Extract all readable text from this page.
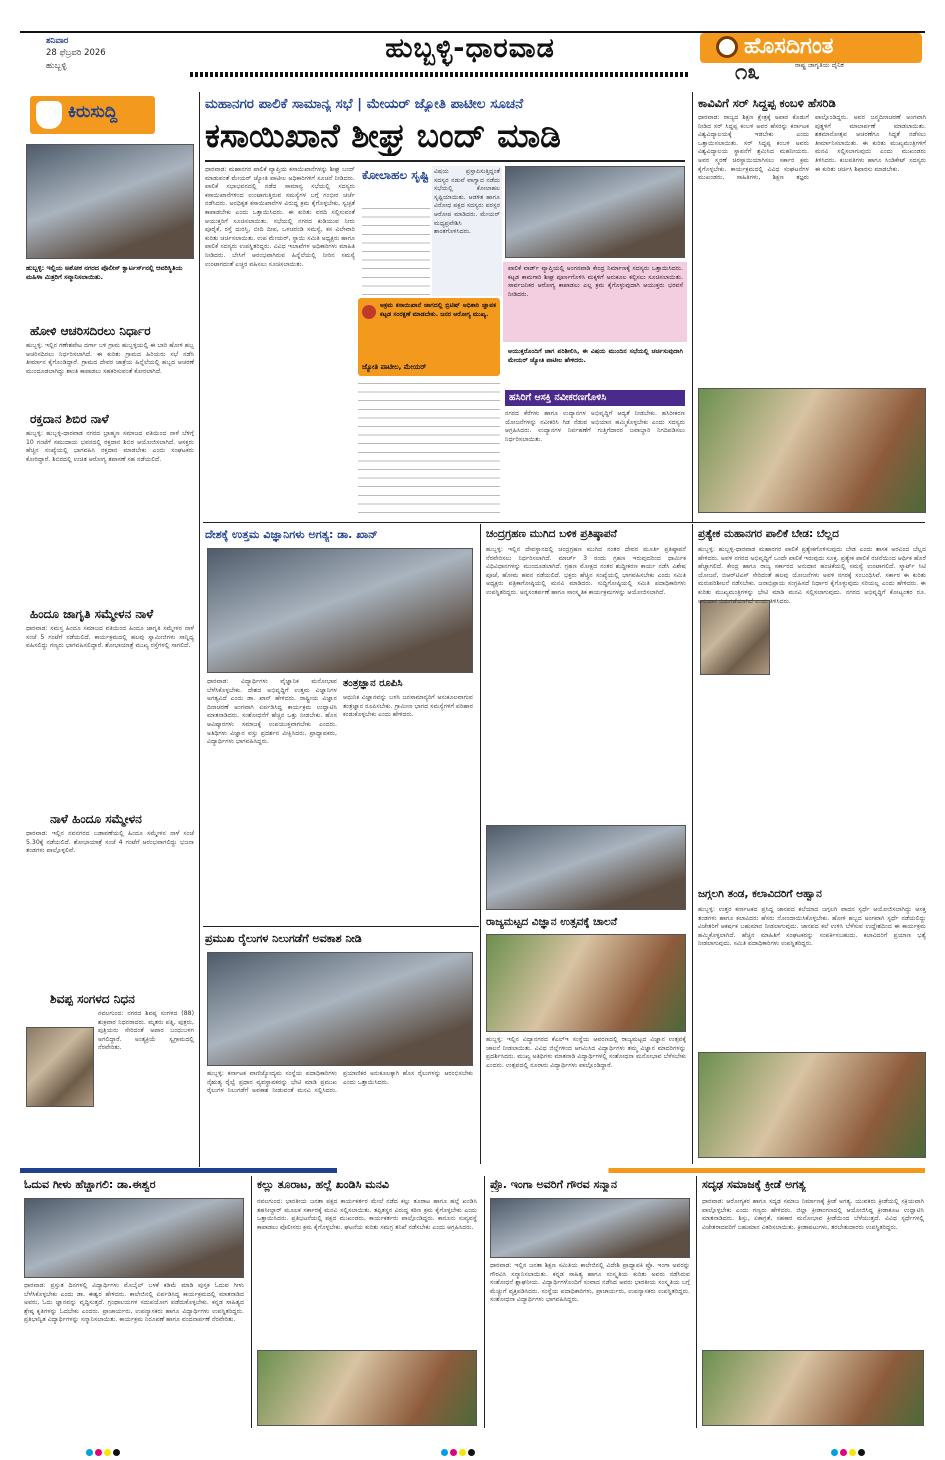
ಶನಿವಾರ
28 ಫೆಬ್ರವರಿ 2026
ಹುಬ್ಬಳ್ಳಿ
ಹುಬ್ಬಳ್ಳಿ-ಧಾರವಾಡ	ಹೊಸದಿಗಂತ
ರಾಷ್ಟ್ರ ಜಾಗೃತಿಯ ದೈನಿಕ
೧೩
ಕಿರುಸುದ್ದಿ
ಹುಬ್ಬಳ್ಳಿ: ಇಲ್ಲಿಯ ಅಶೋಕ ನಗರದ ಪೊಲೀಸ್ ಕ್ವಾರ್ಟರ್ಸ್‌ನಲ್ಲಿ ಆವರಿಸ್ಥಿತಿಯ ಮಹಿಳಾ ಮಿತ್ರರಿಗೆ ಸನ್ಮಾನಿಸಲಾಯಿತು.
ಹೋಳಿ ಆಚರಿಸದಿರಲು ನಿರ್ಧಾರ
ಹುಬ್ಬಳ್ಳಿ: ಇಲ್ಲಿನ ಗಣೇಶಪೇಟ ದರ್ಗಾ ಬಳಿ ಗ್ರಾಮ ಹುಬ್ಬಳ್ಳಿಯಲ್ಲಿ ಈ ಬಾರಿ ಹೋಳಿ ಹಬ್ಬ ಆಚರಿಸದಿರಲು ನಿರ್ಧರಿಸಲಾಗಿದೆ. ಈ ಕುರಿತು ಗ್ರಾಮದ ಹಿರಿಯರು ಸಭೆ ನಡೆಸಿ ತೀರ್ಮಾನ ಕೈಗೊಂಡಿದ್ದಾರೆ. ಗ್ರಾಮದ ದೇವರ ಜಾತ್ರೆಯ ಹಿನ್ನೆಲೆಯಲ್ಲಿ ಹಬ್ಬದ ಆಚರಣೆ ಮುಂದೂಡಲಾಗಿದ್ದು ಶಾಂತಿ ಕಾಪಾಡಲು ಸಹಕರಿಸುವಂತೆ ಕೋರಲಾಗಿದೆ.
ರಕ್ತದಾನ ಶಿಬಿರ ನಾಳೆ
ಹುಬ್ಬಳ್ಳಿ: ಹುಬ್ಬಳ್ಳಿ-ಧಾರವಾಡ ನಗರದ ಬ್ರಾಹ್ಮಣ ಸಮಾಜದ ವತಿಯಿಂದ ನಾಳೆ ಬೆಳಿಗ್ಗೆ 10 ಗಂಟೆಗೆ ಸಮುದಾಯ ಭವನದಲ್ಲಿ ರಕ್ತದಾನ ಶಿಬಿರ ಆಯೋಜಿಸಲಾಗಿದೆ. ಆಸಕ್ತರು ಹೆಚ್ಚಿನ ಸಂಖ್ಯೆಯಲ್ಲಿ ಭಾಗವಹಿಸಿ ರಕ್ತದಾನ ಮಾಡಬೇಕು ಎಂದು ಸಂಘಟಕರು ಕೋರಿದ್ದಾರೆ. ಶಿಬಿರದಲ್ಲಿ ಉಚಿತ ಆರೋಗ್ಯ ತಪಾಸಣೆ ಸಹ ನಡೆಯಲಿದೆ.
ಹಿಂದೂ ಜಾಗೃತಿ ಸಮ್ಮೇಳನ ನಾಳೆ
ಧಾರವಾಡ: ಸಮಸ್ತ ಹಿಂದೂ ಸಮಾಜದ ವತಿಯಿಂದ ಹಿಂದೂ ಜಾಗೃತಿ ಸಮ್ಮೇಳನ ನಾಳೆ ಸಂಜೆ 5 ಗಂಟೆಗೆ ನಡೆಯಲಿದೆ. ಕಾರ್ಯಕ್ರಮದಲ್ಲಿ ಹಲವು ಸ್ವಾಮೀಜಿಗಳು ಸಾನ್ನಿಧ್ಯ ವಹಿಸಲಿದ್ದು ಗಣ್ಯರು ಭಾಗವಹಿಸಲಿದ್ದಾರೆ. ಶೋಭಾಯಾತ್ರೆ ಮುಖ್ಯ ರಸ್ತೆಗಳಲ್ಲಿ ಸಾಗಲಿದೆ.
ನಾಳೆ ಹಿಂದೂ ಸಮ್ಮೇಳನ
ಧಾರವಾಡ: ಇಲ್ಲಿನ ನವನಗರದ ಬಡಾವಣೆಯಲ್ಲಿ ಹಿಂದೂ ಸಮ್ಮೇಳನ ನಾಳೆ ಸಂಜೆ 5.30ಕ್ಕೆ ನಡೆಯಲಿದೆ. ಶೋಭಾಯಾತ್ರೆ ಸಂಜೆ 4 ಗಂಟೆಗೆ ಆರಂಭವಾಗಲಿದ್ದು ಭಜನಾ ತಂಡಗಳು ಪಾಲ್ಗೊಳ್ಳಲಿವೆ.
ಶಿವಪ್ಪ ಸಂಗಳದ ನಿಧನ
ನವಲಗುಂದ: ನಗರದ ಶಿವಪ್ಪ ಸಂಗಳದ (88) ಶುಕ್ರವಾರ ನಿಧನರಾದರು. ಮೃತರು ಪತ್ನಿ, ಪುತ್ರರು, ಪುತ್ರಿಯರು ಸೇರಿದಂತೆ ಅಪಾರ ಬಂಧುಬಳಗ ಅಗಲಿದ್ದಾರೆ. ಅಂತ್ಯಕ್ರಿಯೆ ಸ್ವಗ್ರಾಮದಲ್ಲಿ ನೆರವೇರಿತು.
ಮಹಾನಗರ ಪಾಲಿಕೆ ಸಾಮಾನ್ಯ ಸಭೆ | ಮೇಯರ್ ಜ್ಯೋತಿ ಪಾಟೀಲ ಸೂಚನೆ
ಕಸಾಯಿಖಾನೆ ಶೀಘ್ರ ಬಂದ್ ಮಾಡಿ
ಧಾರವಾಡ: ಮಹಾನಗರ ಪಾಲಿಕೆ ವ್ಯಾಪ್ತಿಯ ಕಸಾಯಿಖಾನೆಗಳನ್ನು ಶೀಘ್ರ ಬಂದ್ ಮಾಡುವಂತೆ ಮೇಯರ್ ಜ್ಯೋತಿ ಪಾಟೀಲ ಅಧಿಕಾರಿಗಳಿಗೆ ಸೂಚನೆ ನೀಡಿದರು. ಪಾಲಿಕೆ ಸಭಾಭವನದಲ್ಲಿ ನಡೆದ ಸಾಮಾನ್ಯ ಸಭೆಯಲ್ಲಿ ಸದಸ್ಯರು ಕಸಾಯಿಖಾನೆಗಳಿಂದ ಉಂಟಾಗುತ್ತಿರುವ ಸಮಸ್ಯೆಗಳ ಬಗ್ಗೆ ಗಂಭೀರ ಚರ್ಚೆ ನಡೆಸಿದರು. ಅನಧಿಕೃತ ಕಸಾಯಿಖಾನೆಗಳ ವಿರುದ್ಧ ಕ್ರಮ ಕೈಗೊಳ್ಳಬೇಕು, ಸ್ವಚ್ಛತೆ ಕಾಪಾಡಬೇಕು ಎಂದು ಒತ್ತಾಯಿಸಿದರು. ಈ ಕುರಿತು ವರದಿ ಸಲ್ಲಿಸುವಂತೆ ಆಯುಕ್ತರಿಗೆ ಸೂಚಿಸಲಾಯಿತು. ಸಭೆಯಲ್ಲಿ ನಗರದ ಕುಡಿಯುವ ನೀರು ಪೂರೈಕೆ, ರಸ್ತೆ ದುರಸ್ತಿ, ಬೀದಿ ದೀಪ, ಒಳಚರಂಡಿ ಸಮಸ್ಯೆ, ಕಸ ವಿಲೇವಾರಿ ಕುರಿತು ಚರ್ಚಿಸಲಾಯಿತು. ಉಪ ಮೇಯರ್, ಸ್ಥಾಯಿ ಸಮಿತಿ ಅಧ್ಯಕ್ಷರು ಹಾಗೂ ಪಾಲಿಕೆ ಸದಸ್ಯರು ಉಪಸ್ಥಿತರಿದ್ದರು. ವಿವಿಧ ಇಲಾಖೆಗಳ ಅಧಿಕಾರಿಗಳು ಮಾಹಿತಿ ನೀಡಿದರು. ಬೇಸಿಗೆ ಆರಂಭವಾಗಿರುವ ಹಿನ್ನೆಲೆಯಲ್ಲಿ ನೀರಿನ ಸಮಸ್ಯೆ ಉಂಟಾಗದಂತೆ ಎಚ್ಚರ ವಹಿಸಲು ಸೂಚಿಸಲಾಯಿತು.
ಕೋಲಾಹಲ ಸೃಷ್ಟಿ ವಿಷಯ ಪ್ರಸ್ತಾಪಿಸುತ್ತಿದ್ದಂತೆ ಸದಸ್ಯರ ನಡುವೆ ವಾಗ್ವಾದ ನಡೆದು ಸಭೆಯಲ್ಲಿ ಕೋಲಾಹಲ ಸೃಷ್ಟಿಯಾಯಿತು. ಆಡಳಿತ ಹಾಗೂ ವಿರೋಧ ಪಕ್ಷದ ಸದಸ್ಯರು ಪರಸ್ಪರ ಆರೋಪ ಮಾಡಿದರು. ಮೇಯರ್ ಮಧ್ಯಪ್ರವೇಶಿಸಿ ಶಾಂತಗೊಳಿಸಿದರು.
ಅಕ್ರಮ ಕಸಾಯಿಖಾನೆ ಜಾಗದಲ್ಲಿ ಬ್ರಿಟಿಷ್ ಅಧಿಕಾರಿ ಜ್ಞಾಪಕ ಕಟ್ಟಡ ಸಂರಕ್ಷಣೆ ಮಾಡಬೇಕು. ಜನರ ಆರೋಗ್ಯ ಮುಖ್ಯ.
ಜ್ಯೋತಿ ಪಾಟೀಲ, ಮೇಯರ್
ಪಾಲಿಕೆ ವಾರ್ಡ್ ವ್ಯಾಪ್ತಿಯಲ್ಲಿ ಅಂಗನವಾಡಿ ಕೇಂದ್ರ ನಿರ್ಮಾಣಕ್ಕೆ ಸದಸ್ಯರು ಒತ್ತಾಯಿಸಿದರು. ಕಟ್ಟಡ ಕಾಮಗಾರಿ ಶೀಘ್ರ ಪೂರ್ಣಗೊಳಿಸಿ ಮಕ್ಕಳಿಗೆ ಅನುಕೂಲ ಕಲ್ಪಿಸಲು ಸೂಚಿಸಲಾಯಿತು. ಸಾರ್ವಜನಿಕರ ಆರೋಗ್ಯ ಕಾಪಾಡಲು ಎಲ್ಲ ಕ್ರಮ ಕೈಗೊಳ್ಳುವುದಾಗಿ ಆಯುಕ್ತರು ಭರವಸೆ ನೀಡಿದರು.
ಆಯುಕ್ತರೊಂದಿಗೆ ಜಾಗ ಪರಿಶೀಲಿಸಿ, ಈ ವಿಷಯ ಮುಂದಿನ ಸಭೆಯಲ್ಲಿ ಚರ್ಚಿಸುವುದಾಗಿ ಮೇಯರ್ ಜ್ಯೋತಿ ಪಾಟೀಲ ಹೇಳಿದರು.
ಹಸಿರಿಗೆ ಆಸಕ್ತಿ ನವೀಕರಣಗೊಳಿಸಿ
ನಗರದ ಕೆರೆಗಳು ಹಾಗೂ ಉದ್ಯಾನಗಳ ಅಭಿವೃದ್ಧಿಗೆ ಆದ್ಯತೆ ನೀಡಬೇಕು. ಹಸಿರೀಕರಣ ಯೋಜನೆಗಳನ್ನು ನವೀಕರಿಸಿ ಗಿಡ ನೆಡುವ ಅಭಿಯಾನ ಹಮ್ಮಿಕೊಳ್ಳಬೇಕು ಎಂದು ಸದಸ್ಯರು ಆಗ್ರಹಿಸಿದರು. ಉದ್ಯಾನಗಳ ನಿರ್ವಹಣೆಗೆ ಗುತ್ತಿಗೆದಾರರ ಜವಾಬ್ದಾರಿ ನಿಗದಿಪಡಿಸಲು ನಿರ್ಧರಿಸಲಾಯಿತು.
ಕಾವಿವಿಗೆ ಸರ್ ಸಿದ್ದಪ್ಪ ಕಂಬಳಿ ಹೆಸರಿಡಿ
ಧಾರವಾಡ: ರಾಜ್ಯದ ಶಿಕ್ಷಣ ಕ್ಷೇತ್ರಕ್ಕೆ ಅಪಾರ ಕೊಡುಗೆ ನೀಡಿದ ಸರ್ ಸಿದ್ದಪ್ಪ ಕಂಬಳಿ ಅವರ ಹೆಸರನ್ನು ಕರ್ನಾಟಕ ವಿಶ್ವವಿದ್ಯಾಲಯಕ್ಕೆ ಇಡಬೇಕು ಎಂದು ಒತ್ತಾಯಿಸಲಾಯಿತು. ಸರ್ ಸಿದ್ದಪ್ಪ ಕಂಬಳಿ ಅವರು ವಿಶ್ವವಿದ್ಯಾಲಯ ಸ್ಥಾಪನೆಗೆ ಶ್ರಮಿಸಿದ ಮಹನೀಯರು. ಅವರ ಸ್ಮರಣೆ ಚಿರಸ್ಥಾಯಿಯಾಗಿಸಲು ಸರ್ಕಾರ ಕ್ರಮ ಕೈಗೊಳ್ಳಬೇಕು. ಕಾರ್ಯಕ್ರಮದಲ್ಲಿ ವಿವಿಧ ಸಂಘಟನೆಗಳ ಮುಖಂಡರು, ಸಾಹಿತಿಗಳು, ಶಿಕ್ಷಣ ತಜ್ಞರು ಪಾಲ್ಗೊಂಡಿದ್ದರು. ಅವರ ಜನ್ಮದಿನಾಚರಣೆ ಅಂಗವಾಗಿ ಪುತ್ಥಳಿಗೆ ಮಾಲಾರ್ಪಣೆ ಮಾಡಲಾಯಿತು. ಶತಮಾನೋತ್ಸವ ಆಚರಣೆಗೂ ಸಿದ್ಧತೆ ನಡೆಸಲು ತೀರ್ಮಾನಿಸಲಾಯಿತು. ಈ ಕುರಿತು ಮುಖ್ಯಮಂತ್ರಿಗಳಿಗೆ ಮನವಿ ಸಲ್ಲಿಸಲಾಗುವುದು ಎಂದು ಮುಖಂಡರು ತಿಳಿಸಿದರು. ಕುಲಪತಿಗಳು ಹಾಗೂ ಸಿಂಡಿಕೇಟ್ ಸದಸ್ಯರು ಈ ಕುರಿತು ಚರ್ಚಿಸಿ ಶಿಫಾರಸು ಮಾಡಬೇಕು.
ದೇಶಕ್ಕೆ ಉತ್ತಮ ವಿಜ್ಞಾನಿಗಳು ಅಗತ್ಯ: ಡಾ. ಖಾನ್
ಧಾರವಾಡ: ವಿದ್ಯಾರ್ಥಿಗಳು ವೈಜ್ಞಾನಿಕ ಮನೋಭಾವ ಬೆಳೆಸಿಕೊಳ್ಳಬೇಕು. ದೇಶದ ಅಭಿವೃದ್ಧಿಗೆ ಉತ್ತಮ ವಿಜ್ಞಾನಿಗಳ ಅಗತ್ಯವಿದೆ ಎಂದು ಡಾ. ಖಾನ್ ಹೇಳಿದರು. ರಾಷ್ಟ್ರೀಯ ವಿಜ್ಞಾನ ದಿನಾಚರಣೆ ಅಂಗವಾಗಿ ಏರ್ಪಡಿಸಿದ್ದ ಕಾರ್ಯಕ್ರಮ ಉದ್ಘಾಟಿಸಿ ಮಾತನಾಡಿದರು. ಸಂಶೋಧನೆಗೆ ಹೆಚ್ಚಿನ ಒತ್ತು ನೀಡಬೇಕು. ಹೊಸ ಆವಿಷ್ಕಾರಗಳು ಸಮಾಜಕ್ಕೆ ಉಪಯುಕ್ತವಾಗಬೇಕು ಎಂದರು. ಅತಿಥಿಗಳು ವಿಜ್ಞಾನ ವಸ್ತು ಪ್ರದರ್ಶನ ವೀಕ್ಷಿಸಿದರು. ಪ್ರಾಧ್ಯಾಪಕರು, ವಿದ್ಯಾರ್ಥಿಗಳು ಭಾಗವಹಿಸಿದ್ದರು.
ತಂತ್ರಜ್ಞಾನ ರೂಪಿಸಿ
ಆಧುನಿಕ ವಿಜ್ಞಾನವನ್ನು ಬಳಸಿ ಜನಸಾಮಾನ್ಯರಿಗೆ ಅನುಕೂಲವಾಗುವ ತಂತ್ರಜ್ಞಾನ ರೂಪಿಸಬೇಕು. ಗ್ರಾಮೀಣ ಭಾಗದ ಸಮಸ್ಯೆಗಳಿಗೆ ಪರಿಹಾರ ಕಂಡುಕೊಳ್ಳಬೇಕು ಎಂದು ಹೇಳಿದರು.
ಚಂದ್ರಗ್ರಹಣ ಮುಗಿದ ಬಳಿಕ ಪ್ರತಿಷ್ಠಾಪನೆ
ಹುಬ್ಬಳ್ಳಿ: ಇಲ್ಲಿನ ದೇವಸ್ಥಾನದಲ್ಲಿ ಚಂದ್ರಗ್ರಹಣ ಮುಗಿದ ನಂತರ ದೇವರ ಮೂರ್ತಿ ಪ್ರತಿಷ್ಠಾಪನೆ ನೆರವೇರಿಸಲು ನಿರ್ಧರಿಸಲಾಗಿದೆ. ಮಾರ್ಚ್ 3 ರಂದು ಗ್ರಹಣ ಇರುವುದರಿಂದ ಧಾರ್ಮಿಕ ವಿಧಿವಿಧಾನಗಳನ್ನು ಮುಂದೂಡಲಾಗಿದೆ. ಗ್ರಹಣ ಮೋಕ್ಷದ ನಂತರ ಶುದ್ಧೀಕರಣ ಕಾರ್ಯ ನಡೆಸಿ ವಿಶೇಷ ಪೂಜೆ, ಹೋಮ ಹವನ ನಡೆಯಲಿದೆ. ಭಕ್ತರು ಹೆಚ್ಚಿನ ಸಂಖ್ಯೆಯಲ್ಲಿ ಭಾಗವಹಿಸಬೇಕು ಎಂದು ಸಮಿತಿ ಅಧ್ಯಕ್ಷರು ಪತ್ರಿಕಾಗೋಷ್ಠಿಯಲ್ಲಿ ಮನವಿ ಮಾಡಿದರು. ಸುದ್ದಿಗೋಷ್ಠಿಯಲ್ಲಿ ಸಮಿತಿ ಪದಾಧಿಕಾರಿಗಳು ಉಪಸ್ಥಿತರಿದ್ದರು. ಅನ್ನಸಂತರ್ಪಣೆ ಹಾಗೂ ಸಾಂಸ್ಕೃತಿಕ ಕಾರ್ಯಕ್ರಮಗಳನ್ನು ಆಯೋಜಿಸಲಾಗಿದೆ.
ರಾಜ್ಯಮಟ್ಟದ ವಿಜ್ಞಾನ ಉತ್ಸವಕ್ಕೆ ಚಾಲನೆ
ಹುಬ್ಬಳ್ಳಿ: ಇಲ್ಲಿನ ವಿದ್ಯಾನಗರದ ಕೆಎಲ್‌ಇ ಸಂಸ್ಥೆಯ ಆವರಣದಲ್ಲಿ ರಾಜ್ಯಮಟ್ಟದ ವಿಜ್ಞಾನ ಉತ್ಸವಕ್ಕೆ ಚಾಲನೆ ನೀಡಲಾಯಿತು. ವಿವಿಧ ಜಿಲ್ಲೆಗಳಿಂದ ಆಗಮಿಸಿದ ವಿದ್ಯಾರ್ಥಿಗಳು ತಮ್ಮ ವಿಜ್ಞಾನ ಮಾದರಿಗಳನ್ನು ಪ್ರದರ್ಶಿಸಿದರು. ಮುಖ್ಯ ಅತಿಥಿಗಳು ಮಾತನಾಡಿ ವಿದ್ಯಾರ್ಥಿಗಳಲ್ಲಿ ಸಂಶೋಧನಾ ಮನೋಭಾವ ಬೆಳೆಸಬೇಕು ಎಂದರು. ಉತ್ಸವದಲ್ಲಿ ನೂರಾರು ವಿದ್ಯಾರ್ಥಿಗಳು ಪಾಲ್ಗೊಂಡಿದ್ದಾರೆ.
ಪ್ರತ್ಯೇಕ ಮಹಾನಗರ ಪಾಲಿಕೆ ಬೇಡ: ಬೆಲ್ಲದ
ಹುಬ್ಬಳ್ಳಿ: ಹುಬ್ಬಳ್ಳಿ-ಧಾರವಾಡ ಮಹಾನಗರ ಪಾಲಿಕೆ ಪ್ರತ್ಯೇಕಗೊಳಿಸುವುದು ಬೇಡ ಎಂದು ಶಾಸಕ ಅರವಿಂದ ಬೆಲ್ಲದ ಹೇಳಿದರು. ಅವಳಿ ನಗರದ ಅಭಿವೃದ್ಧಿಗೆ ಒಂದೇ ಪಾಲಿಕೆ ಇರುವುದು ಸೂಕ್ತ. ಪ್ರತ್ಯೇಕ ಪಾಲಿಕೆ ರಚನೆಯಿಂದ ಆರ್ಥಿಕ ಹೊರೆ ಹೆಚ್ಚಾಗಲಿದೆ. ಕೇಂದ್ರ ಹಾಗೂ ರಾಜ್ಯ ಸರ್ಕಾರದ ಅನುದಾನ ಹಂಚಿಕೆಯಲ್ಲಿ ಸಮಸ್ಯೆ ಉಂಟಾಗಲಿದೆ. ಸ್ಮಾರ್ಟ್ ಸಿಟಿ ಯೋಜನೆ, ಬಿಆರ್‌ಟಿಎಸ್ ಸೇರಿದಂತೆ ಹಲವು ಯೋಜನೆಗಳು ಅವಳಿ ನಗರಕ್ಕೆ ಸಂಬಂಧಿಸಿವೆ. ಸರ್ಕಾರ ಈ ಕುರಿತು ಮರುಪರಿಶೀಲನೆ ನಡೆಸಬೇಕು. ಜನಾಭಿಪ್ರಾಯ ಸಂಗ್ರಹಿಸದೆ ನಿರ್ಧಾರ ಕೈಗೊಳ್ಳುವುದು ಸರಿಯಲ್ಲ ಎಂದು ಹೇಳಿದರು. ಈ ಕುರಿತು ಮುಖ್ಯಮಂತ್ರಿಗಳನ್ನು ಭೇಟಿ ಮಾಡಿ ಮನವಿ ಸಲ್ಲಿಸಲಾಗುವುದು. ನಗರದ ಅಭಿವೃದ್ಧಿಗೆ ಕೋಟ್ಯಂತರ ರೂ. ಅನುದಾನ ಬಿಡುಗಡೆಯಾಗಿದೆ ಎಂದು ತಿಳಿಸಿದರು.
ಜಗ್ಗಲಗಿ ತಂಡ, ಕಲಾವಿದರಿಗೆ ಆಹ್ವಾನ
ಹುಬ್ಬಳ್ಳಿ: ಉತ್ತರ ಕರ್ನಾಟಕದ ಪ್ರಸಿದ್ಧ ಜಾನಪದ ಕಲೆಯಾದ ಜಗ್ಗಲಗಿ ವಾದನ ಸ್ಪರ್ಧೆ ಆಯೋಜಿಸಲಾಗಿದ್ದು ಆಸಕ್ತ ತಂಡಗಳು ಹಾಗೂ ಕಲಾವಿದರು ಹೆಸರು ನೋಂದಾಯಿಸಿಕೊಳ್ಳಬೇಕು. ಹೋಳಿ ಹಬ್ಬದ ಅಂಗವಾಗಿ ಸ್ಪರ್ಧೆ ನಡೆಯಲಿದ್ದು ವಿಜೇತರಿಗೆ ಆಕರ್ಷಕ ಬಹುಮಾನ ನೀಡಲಾಗುವುದು. ಜಾನಪದ ಕಲೆ ಉಳಿಸಿ ಬೆಳೆಸುವ ಉದ್ದೇಶದಿಂದ ಈ ಕಾರ್ಯಕ್ರಮ ಹಮ್ಮಿಕೊಳ್ಳಲಾಗಿದೆ. ಹೆಚ್ಚಿನ ಮಾಹಿತಿಗೆ ಸಂಘಟಕರನ್ನು ಸಂಪರ್ಕಿಸಬಹುದು. ಕಲಾವಿದರಿಗೆ ಪ್ರಯಾಣ ಭತ್ಯೆ ನೀಡಲಾಗುವುದು. ಸಮಿತಿ ಪದಾಧಿಕಾರಿಗಳು ಉಪಸ್ಥಿತರಿದ್ದರು.
ಪ್ರಮುಖ ರೈಲುಗಳ ನಿಲುಗಡೆಗೆ ಅವಕಾಶ ನೀಡಿ
ಹುಬ್ಬಳ್ಳಿ: ಕರ್ನಾಟಕ ವಾಣಿಜ್ಯೋದ್ಯಮ ಸಂಸ್ಥೆಯ ಪದಾಧಿಕಾರಿಗಳು ನೈಋತ್ಯ ರೈಲ್ವೆ ಪ್ರಧಾನ ವ್ಯವಸ್ಥಾಪಕರನ್ನು ಭೇಟಿ ಮಾಡಿ ಪ್ರಮುಖ ರೈಲುಗಳ ನಿಲುಗಡೆಗೆ ಅವಕಾಶ ನೀಡುವಂತೆ ಮನವಿ ಸಲ್ಲಿಸಿದರು. ಪ್ರಯಾಣಿಕರ ಅನುಕೂಲಕ್ಕಾಗಿ ಹೊಸ ರೈಲುಗಳನ್ನು ಆರಂಭಿಸಬೇಕು ಎಂದು ಒತ್ತಾಯಿಸಿದರು.
ಓದುವ ಗೀಳು ಹೆಚ್ಚಾಗಲಿ: ಡಾ.ಈಶ್ವರ
ಧಾರವಾಡ: ಪ್ರಸ್ತುತ ದಿನಗಳಲ್ಲಿ ವಿದ್ಯಾರ್ಥಿಗಳು ಮೊಬೈಲ್ ಬಳಕೆ ಕಡಿಮೆ ಮಾಡಿ ಪುಸ್ತಕ ಓದುವ ಗೀಳು ಬೆಳೆಸಿಕೊಳ್ಳಬೇಕು ಎಂದು ಡಾ. ಈಶ್ವರ ಹೇಳಿದರು. ಕಾಲೇಜಿನಲ್ಲಿ ಏರ್ಪಡಿಸಿದ್ದ ಕಾರ್ಯಕ್ರಮದಲ್ಲಿ ಮಾತನಾಡಿದ ಅವರು, ಓದು ಜ್ಞಾನವನ್ನು ವೃದ್ಧಿಸುತ್ತದೆ. ಗ್ರಂಥಾಲಯಗಳ ಸದುಪಯೋಗ ಪಡೆದುಕೊಳ್ಳಬೇಕು. ಕನ್ನಡ ಸಾಹಿತ್ಯದ ಶ್ರೇಷ್ಠ ಕೃತಿಗಳನ್ನು ಓದಬೇಕು ಎಂದರು. ಪ್ರಾಚಾರ್ಯರು, ಉಪನ್ಯಾಸಕರು ಹಾಗೂ ವಿದ್ಯಾರ್ಥಿಗಳು ಉಪಸ್ಥಿತರಿದ್ದರು. ಪ್ರತಿಭಾನ್ವಿತ ವಿದ್ಯಾರ್ಥಿಗಳನ್ನು ಸನ್ಮಾನಿಸಲಾಯಿತು. ಕಾರ್ಯಕ್ರಮ ನಿರೂಪಣೆ ಹಾಗೂ ವಂದನಾರ್ಪಣೆ ನೆರವೇರಿತು.
ಕಲ್ಲು ತೂರಾಟ, ಹಲ್ಲೆ ಖಂಡಿಸಿ ಮನವಿ
ನವಲಗುಂದ: ಭಾರತೀಯ ಜನತಾ ಪಕ್ಷದ ಕಾರ್ಯಕರ್ತರ ಮೇಲೆ ನಡೆದ ಕಲ್ಲು ತೂರಾಟ ಹಾಗೂ ಹಲ್ಲೆ ಖಂಡಿಸಿ ತಹಸೀಲ್ದಾರ್ ಮೂಲಕ ಸರ್ಕಾರಕ್ಕೆ ಮನವಿ ಸಲ್ಲಿಸಲಾಯಿತು. ತಪ್ಪಿತಸ್ಥರ ವಿರುದ್ಧ ಕಠಿಣ ಕ್ರಮ ಕೈಗೊಳ್ಳಬೇಕು ಎಂದು ಒತ್ತಾಯಿಸಿದರು. ಪ್ರತಿಭಟನೆಯಲ್ಲಿ ಪಕ್ಷದ ಮುಖಂಡರು, ಕಾರ್ಯಕರ್ತರು ಪಾಲ್ಗೊಂಡಿದ್ದರು. ಕಾನೂನು ಸುವ್ಯವಸ್ಥೆ ಕಾಪಾಡಲು ಪೊಲೀಸರು ಕ್ರಮ ಕೈಗೊಳ್ಳಬೇಕು. ಘಟನೆಯ ಕುರಿತು ಸಮಗ್ರ ತನಿಖೆ ನಡೆಸಬೇಕು ಎಂದು ಆಗ್ರಹಿಸಿದರು.
ಪ್ರೊ. ಇಂಗಾ ಅವರಿಗೆ ಗೌರವ ಸನ್ಮಾನ
ಧಾರವಾಡ: ಇಲ್ಲಿನ ಜನತಾ ಶಿಕ್ಷಣ ಸಮಿತಿಯ ಕಾಲೇಜಿನಲ್ಲಿ ವಿದೇಶಿ ಪ್ರಾಧ್ಯಾಪಕಿ ಪ್ರೊ. ಇಂಗಾ ಅವರನ್ನು ಗೌರವಿಸಿ ಸನ್ಮಾನಿಸಲಾಯಿತು. ಕನ್ನಡ ಸಾಹಿತ್ಯ ಹಾಗೂ ಸಂಸ್ಕೃತಿಯ ಕುರಿತು ಅವರು ನಡೆಸಿರುವ ಸಂಶೋಧನೆ ಶ್ಲಾಘನೀಯ. ವಿದ್ಯಾರ್ಥಿಗಳೊಂದಿಗೆ ಸಂವಾದ ನಡೆಸಿದ ಅವರು ಭಾರತೀಯ ಸಂಸ್ಕೃತಿಯ ಬಗ್ಗೆ ಮೆಚ್ಚುಗೆ ವ್ಯಕ್ತಪಡಿಸಿದರು. ಸಂಸ್ಥೆಯ ಪದಾಧಿಕಾರಿಗಳು, ಪ್ರಾಚಾರ್ಯರು, ಉಪನ್ಯಾಸಕರು ಉಪಸ್ಥಿತರಿದ್ದರು. ಸಂಶೋಧನಾ ವಿದ್ಯಾರ್ಥಿಗಳು ಭಾಗವಹಿಸಿದ್ದರು.
ಸದೃಢ ಸಮಾಜಕ್ಕೆ ಕ್ರೀಡೆ ಅಗತ್ಯ
ಧಾರವಾಡ: ಆರೋಗ್ಯಕರ ಹಾಗೂ ಸದೃಢ ಸಮಾಜ ನಿರ್ಮಾಣಕ್ಕೆ ಕ್ರೀಡೆ ಅಗತ್ಯ. ಯುವಕರು ಕ್ರೀಡೆಯಲ್ಲಿ ಸಕ್ರಿಯವಾಗಿ ಪಾಲ್ಗೊಳ್ಳಬೇಕು ಎಂದು ಗಣ್ಯರು ಹೇಳಿದರು. ಜಿಲ್ಲಾ ಕ್ರೀಡಾಂಗಣದಲ್ಲಿ ಆಯೋಜಿಸಿದ್ದ ಕ್ರೀಡಾಕೂಟ ಉದ್ಘಾಟಿಸಿ ಮಾತನಾಡಿದರು. ಶಿಸ್ತು, ಏಕಾಗ್ರತೆ, ಸಹಕಾರ ಮನೋಭಾವ ಕ್ರೀಡೆಯಿಂದ ಬೆಳೆಯುತ್ತದೆ. ವಿವಿಧ ಸ್ಪರ್ಧೆಗಳಲ್ಲಿ ವಿಜೇತರಾದವರಿಗೆ ಬಹುಮಾನ ವಿತರಿಸಲಾಯಿತು. ಕ್ರೀಡಾಪಟುಗಳು, ತರಬೇತುದಾರರು ಉಪಸ್ಥಿತರಿದ್ದರು.
